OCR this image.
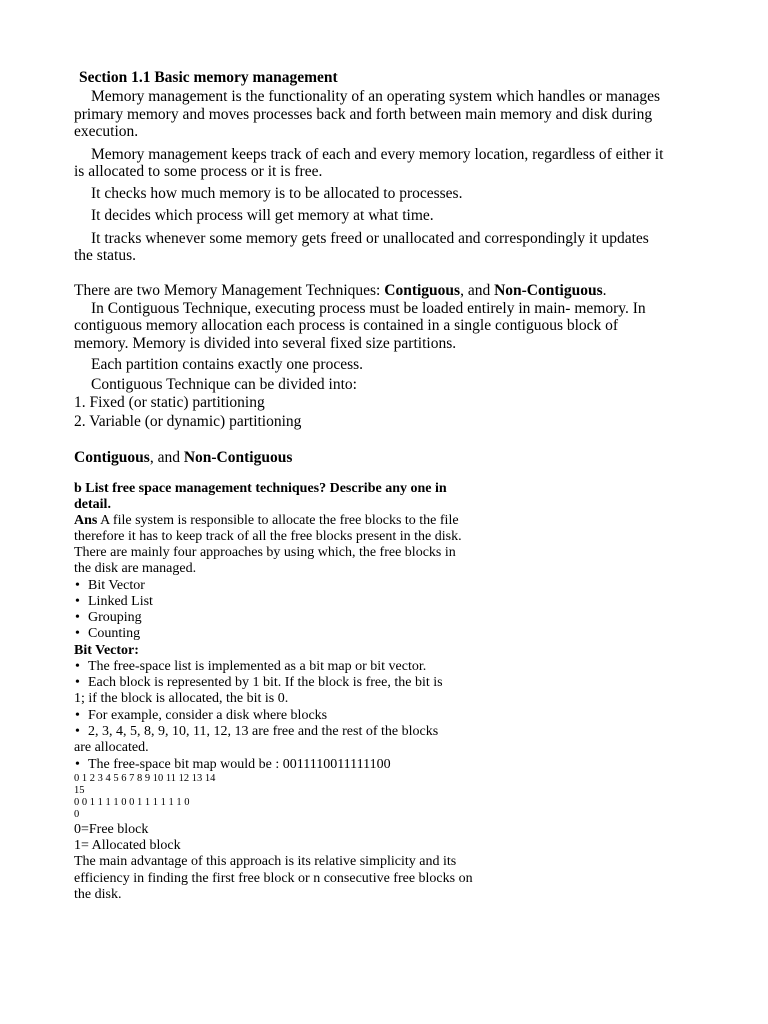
Section 1.1 Basic memory management

Memory management is the functionality of an operating system which handles or manages

primary memory and moves processes back and forth between main memory and disk during

execution.

Memory management keeps track of each and every memory location, regardless of either it

is allocated to some process or it is free.

It checks how much memory is to be allocated to processes.

It decides which process will get memory at what time.

It tracks whenever some memory gets freed or unallocated and correspondingly it updates

the status.

There are two Memory Management Techniques: Contiguous, and Non-Contiguous.

In Contiguous Technique, executing process must be loaded entirely in main- memory. In

contiguous memory allocation each process is contained in a single contiguous block of

memory. Memory is divided into several fixed size partitions.

Each partition contains exactly one process.

Contiguous Technique can be divided into:

1. Fixed (or static) partitioning

2. Variable (or dynamic) partitioning

Contiguous, and Non-Contiguous

b List free space management techniques? Describe any one in

detail.

Ans A file system is responsible to allocate the free blocks to the file

therefore it has to keep track of all the free blocks present in the disk.

There are mainly four approaches by using which, the free blocks in

the disk are managed.

• Bit Vector

• Linked List

• Grouping

• Counting

Bit Vector:

• The free-space list is implemented as a bit map or bit vector.

• Each block is represented by 1 bit. If the block is free, the bit is

1; if the block is allocated, the bit is 0.

• For example, consider a disk where blocks

• 2, 3, 4, 5, 8, 9, 10, 11, 12, 13 are free and the rest of the blocks

are allocated.

• The free-space bit map would be : 0011110011111100

0 1 2 3 4 5 6 7 8 9 10 11 12 13 14

15

0 0 1 1 1 1 0 0 1 1 1 1 1 1 0

0

0=Free block

1= Allocated block

The main advantage of this approach is its relative simplicity and its

efficiency in finding the first free block or n consecutive free blocks on

the disk.
